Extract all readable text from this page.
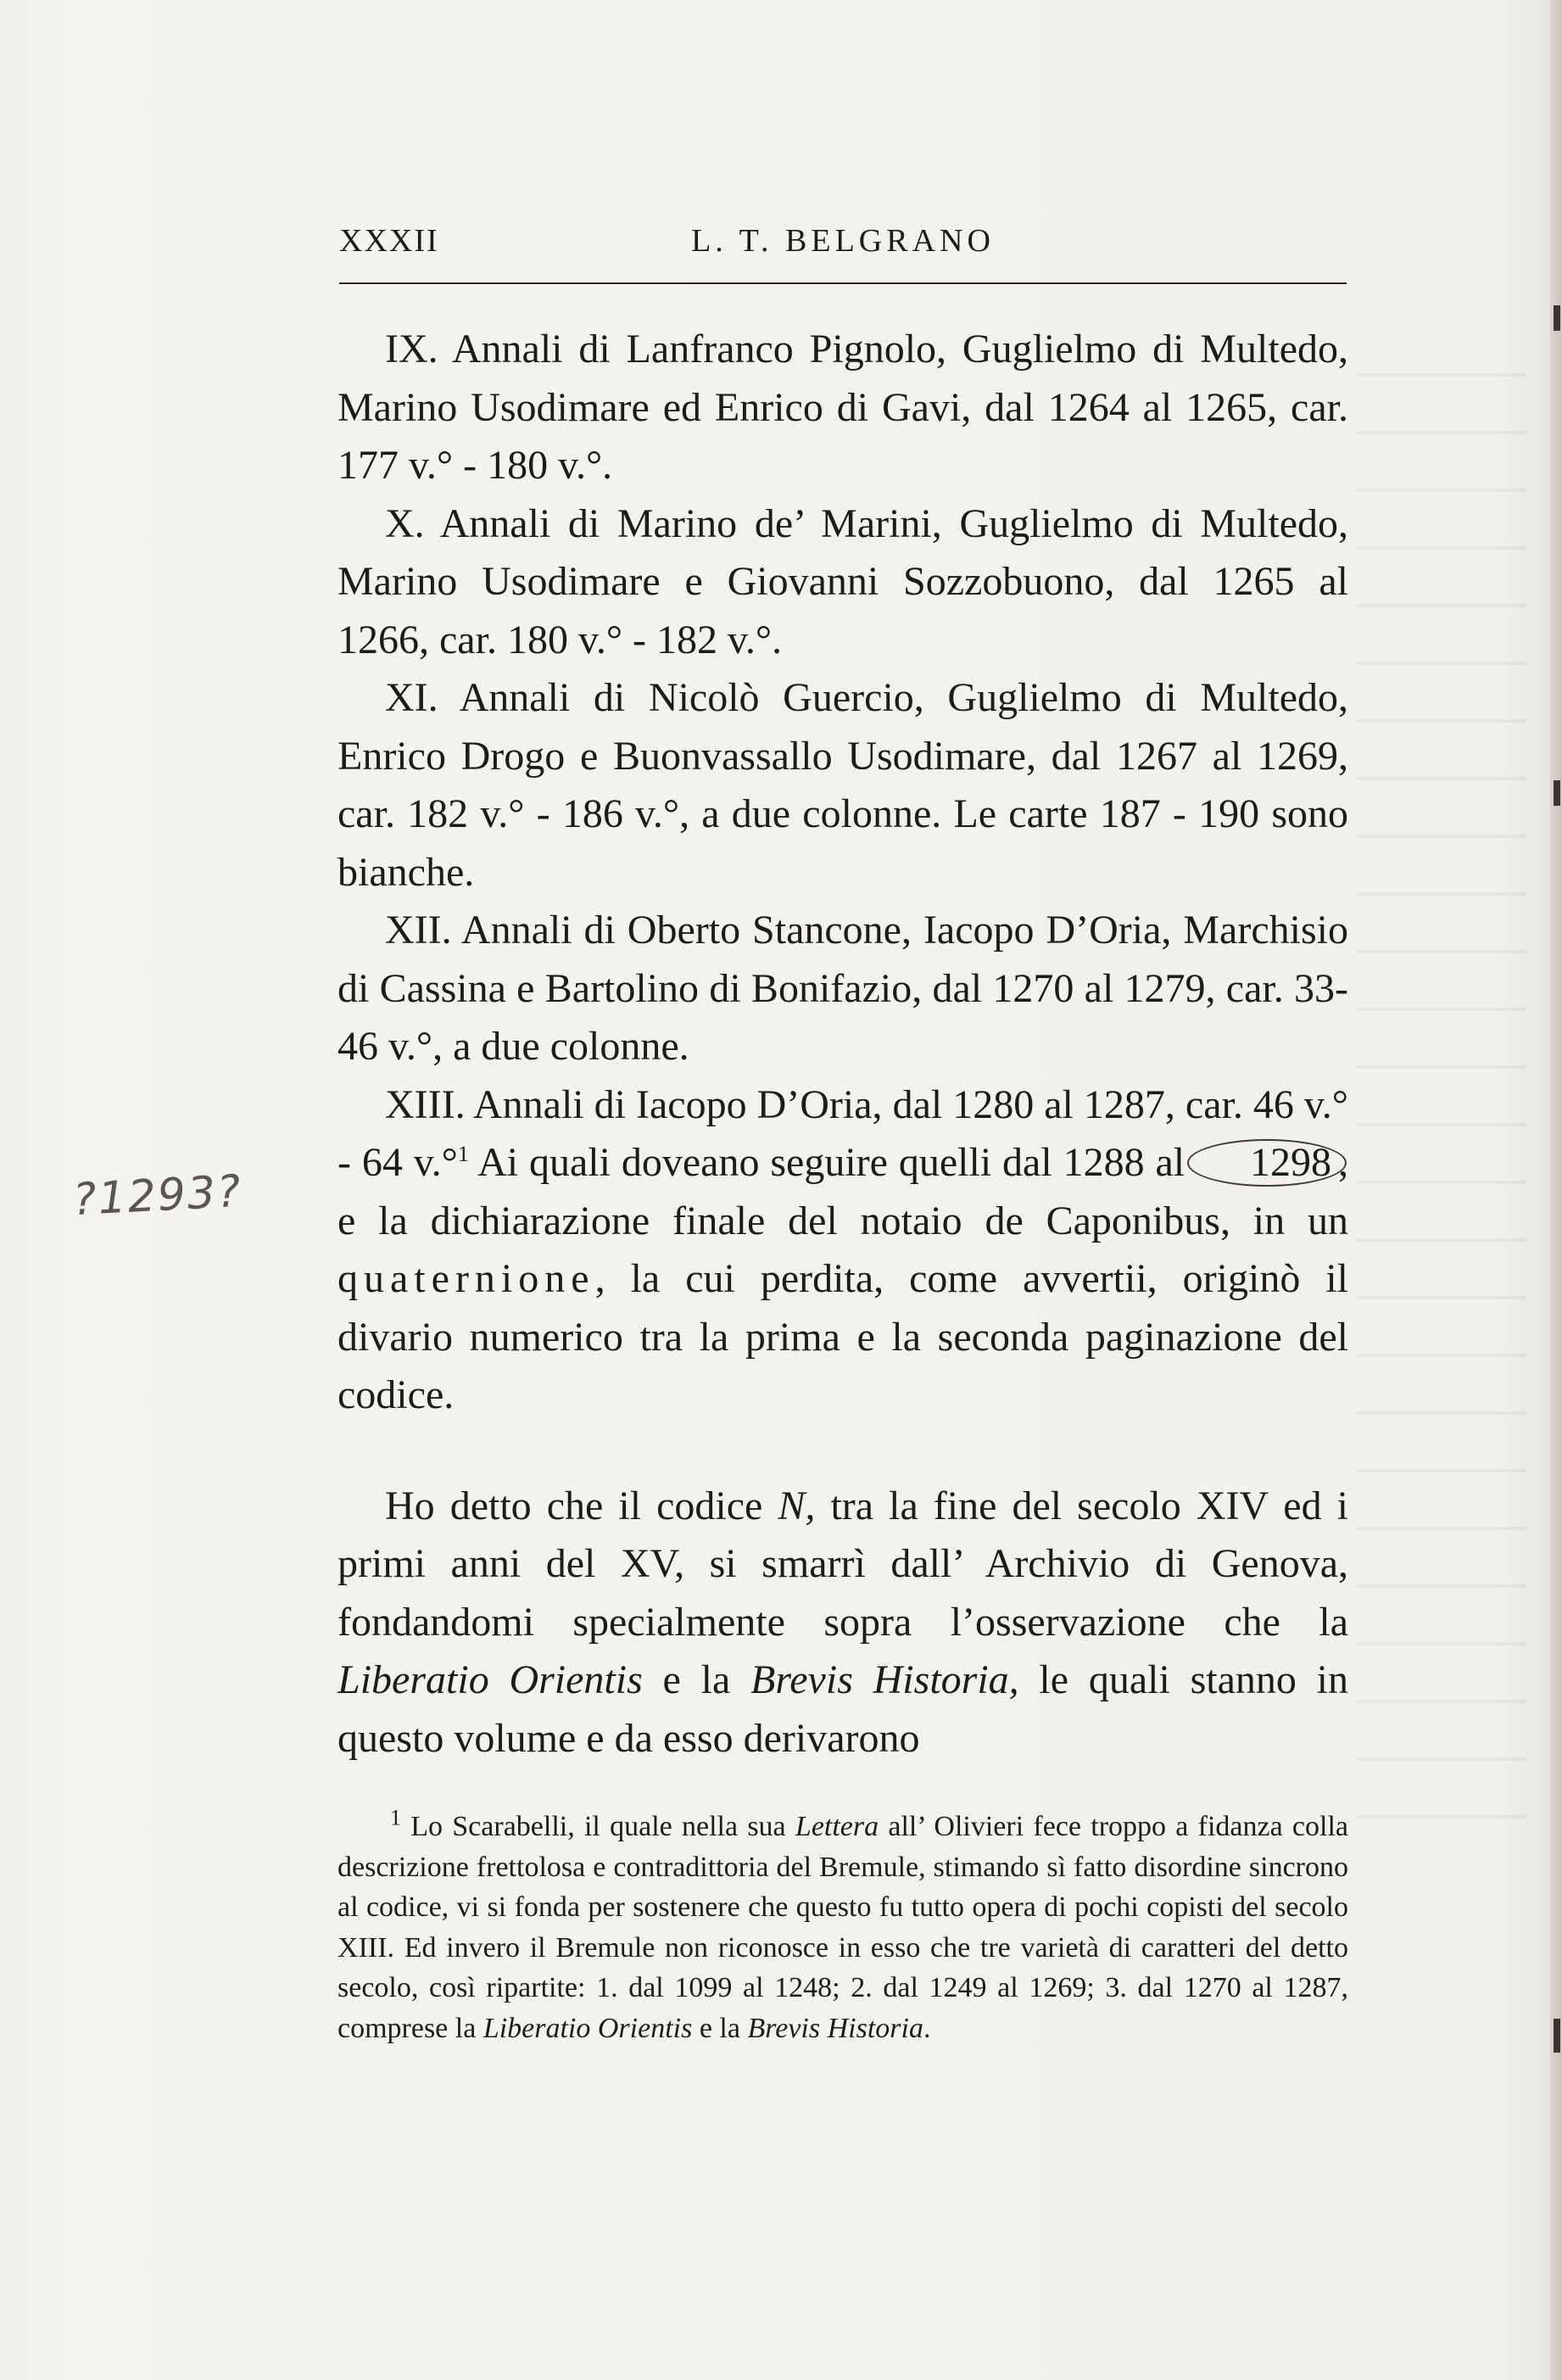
XXXII	L. T. BELGRANO
?1293?

IX. Annali di Lanfranco Pignolo, Guglielmo di Multedo, Marino Usodimare ed Enrico di Gavi, dal 1264 al 1265, car. 177 v.° - 180 v.°.

X. Annali di Marino de’ Marini, Guglielmo di Multedo, Marino Usodimare e Giovanni Sozzobuono, dal 1265 al 1266, car. 180 v.° - 182 v.°.

XI. Annali di Nicolò Guercio, Guglielmo di Multedo, Enrico Drogo e Buonvassallo Usodimare, dal 1267 al 1269, car. 182 v.° - 186 v.°, a due colonne. Le carte 187 - 190 sono bianche.

XII. Annali di Oberto Stancone, Iacopo D’Oria, Marchisio di Cassina e Bartolino di Bonifazio, dal 1270 al 1279, car. 33-46 v.°, a due colonne.

XIII. Annali di Iacopo D’Oria, dal 1280 al 1287, car. 46 v.° - 64 v.°$^1$ Ai quali doveano seguire quelli dal 1288 al 1298 , e la dichiarazione finale del notaio de Caponibus, in un quaternione, la cui perdita, come avvertii, originò il divario numerico tra la prima e la seconda paginazione del codice.

Ho detto che il codice N, tra la fine del secolo XIV ed i primi anni del XV, si smarrì dall’ Archivio di Genova, fondandomi specialmente sopra l’osservazione che la Liberatio Orientis e la Brevis Historia, le quali stanno in questo volume e da esso derivarono

$^1$ Lo Scarabelli, il quale nella sua Lettera all’ Olivieri fece troppo a fidanza colla descrizione frettolosa e contradittoria del Bremule, stimando sì fatto disordine sincrono al codice, vi si fonda per sostenere che questo fu tutto opera di pochi copisti del secolo XIII. Ed invero il Bremule non riconosce in esso che tre varietà di caratteri del detto secolo, così ripartite: 1. dal 1099 al 1248; 2. dal 1249 al 1269; 3. dal 1270 al 1287, comprese la Liberatio Orientis e la Brevis Historia.
